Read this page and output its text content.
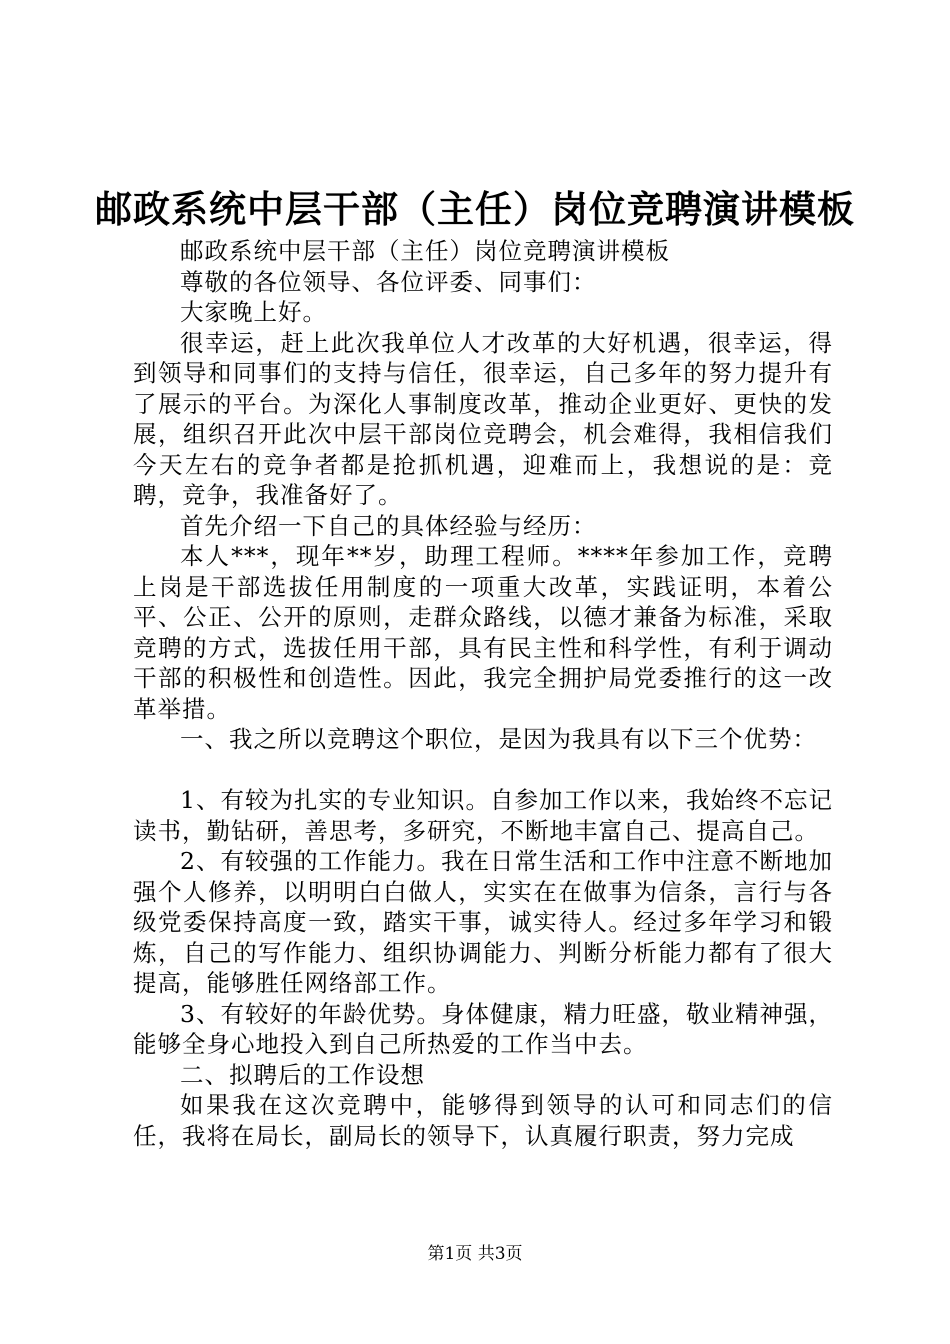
邮政系统中层干部（主任）岗位竞聘演讲模板

邮政系统中层干部（主任）岗位竞聘演讲模板

尊敬的各位领导、各位评委、同事们：

大家晚上好。

很幸运，赶上此次我单位人才改革的大好机遇，很幸运，得到领导和同事们的支持与信任，很幸运，自己多年的努力提升有了展示的平台。为深化人事制度改革，推动企业更好、更快的发展，组织召开此次中层干部岗位竞聘会，机会难得，我相信我们今天左右的竞争者都是抢抓机遇，迎难而上，我想说的是：竞聘，竞争，我准备好了。

首先介绍一下自己的具体经验与经历：

本人***，现年**岁，助理工程师。****年参加工作，竞聘上岗是干部选拔任用制度的一项重大改革，实践证明，本着公平、公正、公开的原则，走群众路线，以德才兼备为标准，采取竞聘的方式，选拔任用干部，具有民主性和科学性，有利于调动干部的积极性和创造性。因此，我完全拥护局党委推行的这一改革举措。

一、我之所以竞聘这个职位，是因为我具有以下三个优势：

1、有较为扎实的专业知识。自参加工作以来，我始终不忘记读书，勤钻研，善思考，多研究，不断地丰富自己、提高自己。

2、有较强的工作能力。我在日常生活和工作中注意不断地加强个人修养，以明明白白做人，实实在在做事为信条，言行与各级党委保持高度一致，踏实干事，诚实待人。经过多年学习和锻炼，自己的写作能力、组织协调能力、判断分析能力都有了很大提高，能够胜任网络部工作。

3、有较好的年龄优势。身体健康，精力旺盛，敬业精神强，能够全身心地投入到自己所热爱的工作当中去。

二、拟聘后的工作设想

如果我在这次竞聘中，能够得到领导的认可和同志们的信任，我将在局长，副局长的领导下，认真履行职责，努力完成

第1页 共3页
